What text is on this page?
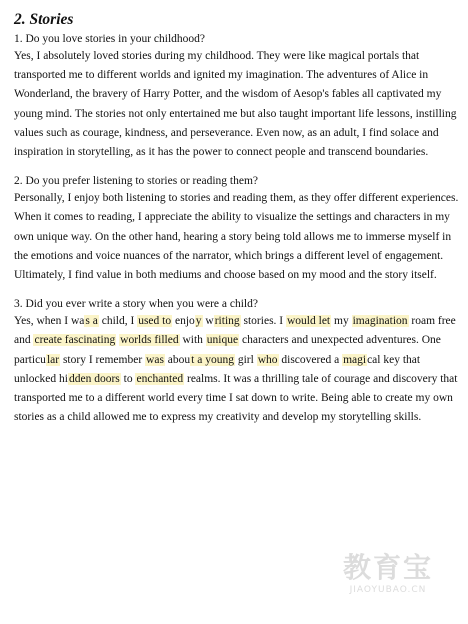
2. Stories
1. Do you love stories in your childhood?

Yes, I absolutely loved stories during my childhood. They were like magical portals that transported me to different worlds and ignited my imagination. The adventures of Alice in Wonderland, the bravery of Harry Potter, and the wisdom of Aesop's fables all captivated my young mind. The stories not only entertained me but also taught important life lessons, instilling values such as courage, kindness, and perseverance. Even now, as an adult, I find solace and inspiration in storytelling, as it has the power to connect people and transcend boundaries.

2. Do you prefer listening to stories or reading them?

Personally, I enjoy both listening to stories and reading them, as they offer different experiences. When it comes to reading, I appreciate the ability to visualize the settings and characters in my own unique way. On the other hand, hearing a story being told allows me to immerse myself in the emotions and voice nuances of the narrator, which brings a different level of engagement. Ultimately, I find value in both mediums and choose based on my mood and the story itself.

3. Did you ever write a story when you were a child?

Yes, when I was a child, I used to enjoy writing stories. I would let my imagination roam free and create fascinating worlds filled with unique characters and unexpected adventures. One particular story I remember was about a young girl who discovered a magical key that unlocked hidden doors to enchanted realms. It was a thrilling tale of courage and discovery that transported me to a different world every time I sat down to write. Being able to create my own stories as a child allowed me to express my creativity and develop my storytelling skills.

教育宝
JIAOYUBAO.CN
